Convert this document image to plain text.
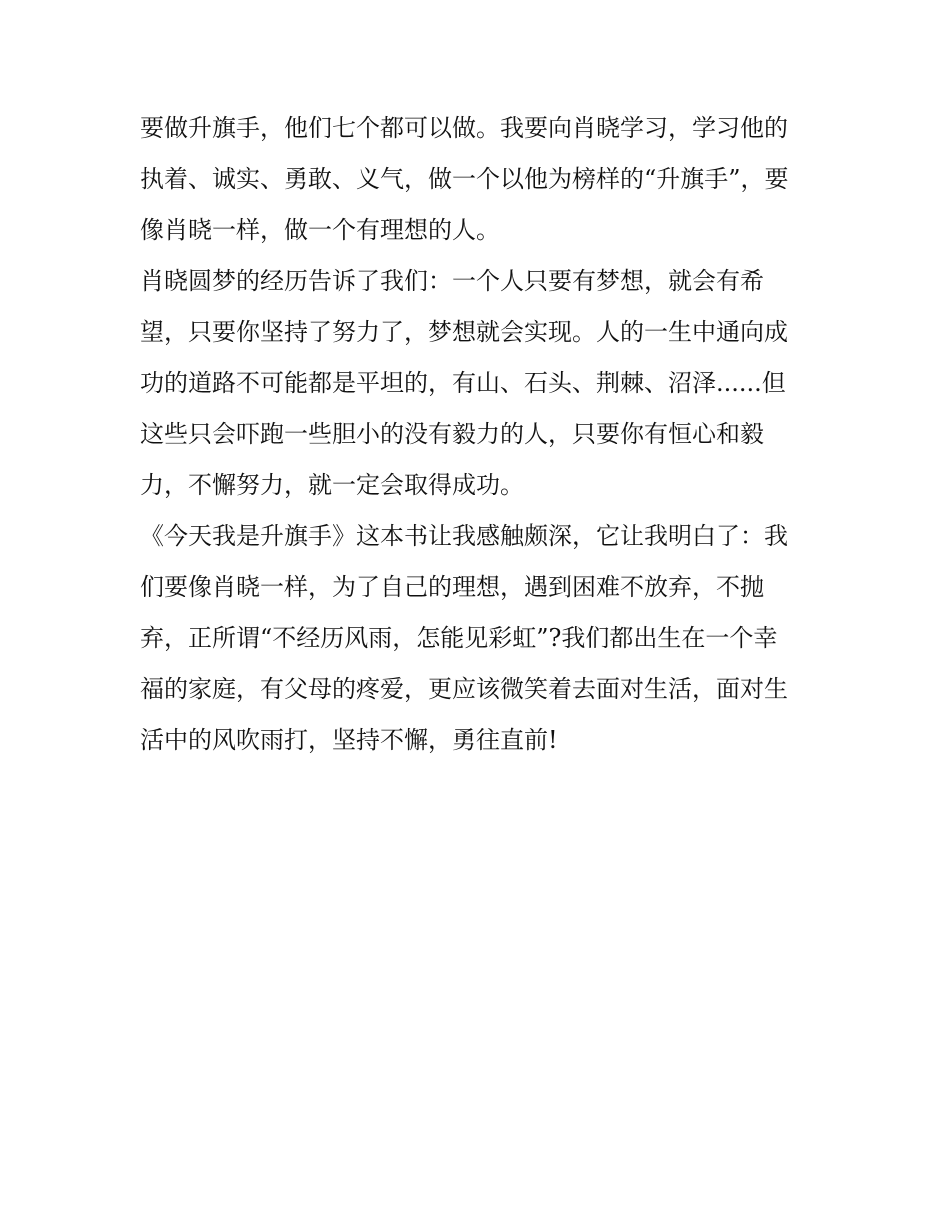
要做升旗手，他们七个都可以做。我要向肖晓学习，学习他的
执着、诚实、勇敢、义气，做一个以他为榜样的“升旗手”，要
像肖晓一样，做一个有理想的人。
肖晓圆梦的经历告诉了我们：一个人只要有梦想，就会有希
望，只要你坚持了努力了，梦想就会实现。人的一生中通向成
功的道路不可能都是平坦的，有山、石头、荆棘、沼泽......但
这些只会吓跑一些胆小的没有毅力的人，只要你有恒心和毅
力，不懈努力，就一定会取得成功。
《今天我是升旗手》这本书让我感触颇深，它让我明白了：我
们要像肖晓一样，为了自己的理想，遇到困难不放弃，不抛
弃，正所谓“不经历风雨，怎能见彩虹”?我们都出生在一个幸
福的家庭，有父母的疼爱，更应该微笑着去面对生活，面对生
活中的风吹雨打，坚持不懈，勇往直前!
